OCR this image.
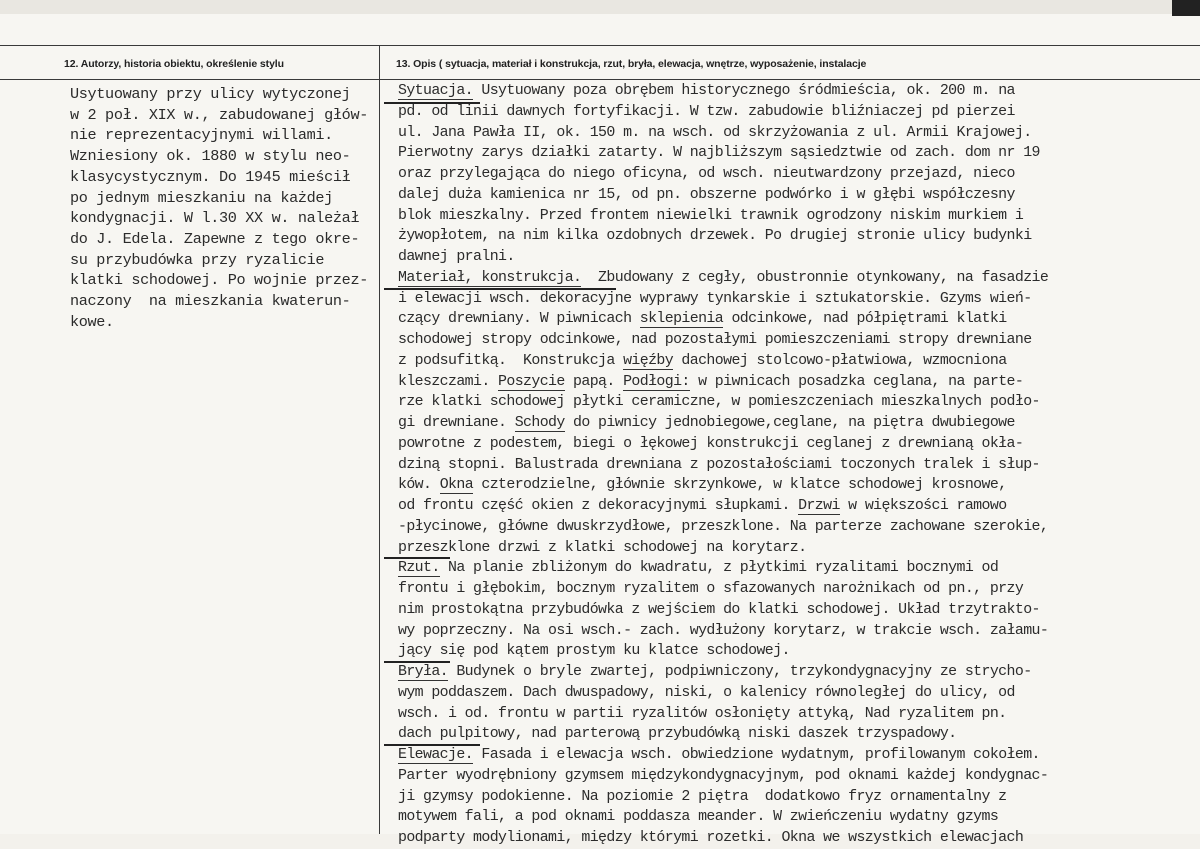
12. Autorzy, historia obiektu, określenie stylu	13. Opis ( sytuacja, materiał i konstrukcja, rzut, bryła, elewacja, wnętrze, wyposażenie, instalacje
Usytuowany przy ulicy wytyczonej
w 2 poł. XIX w., zabudowanej głów-
nie reprezentacyjnymi willami.
Wzniesiony ok. 1880 w stylu neo-
klasycystycznym. Do 1945 mieścił
po jednym mieszkaniu na każdej
kondygnacji. W l.30 XX w. należał
do J. Edela. Zapewne z tego okre-
su przybudówka przy ryzalicie
klatki schodowej. Po wojnie przez-
naczony  na mieszkania kwaterun-
kowe.
Sytuacja. Usytuowany poza obrębem historycznego śródmieścia, ok. 200 m. na
pd. od linii dawnych fortyfikacji. W tzw. zabudowie bliźniaczej pd pierzei
ul. Jana Pawła II, ok. 150 m. na wsch. od skrzyżowania z ul. Armii Krajowej.
Pierwotny zarys działki zatarty. W najbliższym sąsiedztwie od zach. dom nr 19
oraz przylegająca do niego oficyna, od wsch. nieutwardzony przejazd, nieco
dalej duża kamienica nr 15, od pn. obszerne podwórko i w głębi współczesny
blok mieszkalny. Przed frontem niewielki trawnik ogrodzony niskim murkiem i
żywopłotem, na nim kilka ozdobnych drzewek. Po drugiej stronie ulicy budynki
dawnej pralni.
Materiał, konstrukcja.  Zbudowany z cegły, obustronnie otynkowany, na fasadzie
i elewacji wsch. dekoracyjne wyprawy tynkarskie i sztukatorskie. Gzyms wień-
czący drewniany. W piwnicach sklepienia odcinkowe, nad półpiętrami klatki
schodowej stropy odcinkowe, nad pozostałymi pomieszczeniami stropy drewniane
z podsufitką.  Konstrukcja więźby dachowej stolcowo-płatwiowa, wzmocniona
kleszczami. Poszycie papą. Podłogi: w piwnicach posadzka ceglana, na parte-
rze klatki schodowej płytki ceramiczne, w pomieszczeniach mieszkalnych podło-
gi drewniane. Schody do piwnicy jednobiegowe,ceglane, na piętra dwubiegowe
powrotne z podestem, biegi o łękowej konstrukcji ceglanej z drewnianą okła-
dziną stopni. Balustrada drewniana z pozostałościami toczonych tralek i słup-
ków. Okna czterodzielne, głównie skrzynkowe, w klatce schodowej krosnowe,
od frontu część okien z dekoracyjnymi słupkami. Drzwi w większości ramowo
-płycinowe, główne dwuskrzydłowe, przeszklone. Na parterze zachowane szerokie,
przeszklone drzwi z klatki schodowej na korytarz.
Rzut. Na planie zbliżonym do kwadratu, z płytkimi ryzalitami bocznymi od
frontu i głębokim, bocznym ryzalitem o sfazowanych narożnikach od pn., przy
nim prostokątna przybudówka z wejściem do klatki schodowej. Układ trzytrakto-
wy poprzeczny. Na osi wsch.- zach. wydłużony korytarz, w trakcie wsch. załamu-
jący się pod kątem prostym ku klatce schodowej.
Bryła. Budynek o bryle zwartej, podpiwniczony, trzykondygnacyjny ze strycho-
wym poddaszem. Dach dwuspadowy, niski, o kalenicy równoległej do ulicy, od
wsch. i od. frontu w partii ryzalitów osłonięty attyką, Nad ryzalitem pn.
dach pulpitowy, nad parterową przybudówką niski daszek trzyspadowy.
Elewacje. Fasada i elewacja wsch. obwiedzione wydatnym, profilowanym cokołem.
Parter wyodrębniony gzymsem międzykondygnacyjnym, pod oknami każdej kondygnac-
ji gzymsy podokienne. Na poziomie 2 piętra  dodatkowo fryz ornamentalny z
motywem fali, a pod oknami poddasza meander. W zwieńczeniu wydatny gzyms
podparty modylionami, między którymi rozetki. Okna we wszystkich elewacjach
